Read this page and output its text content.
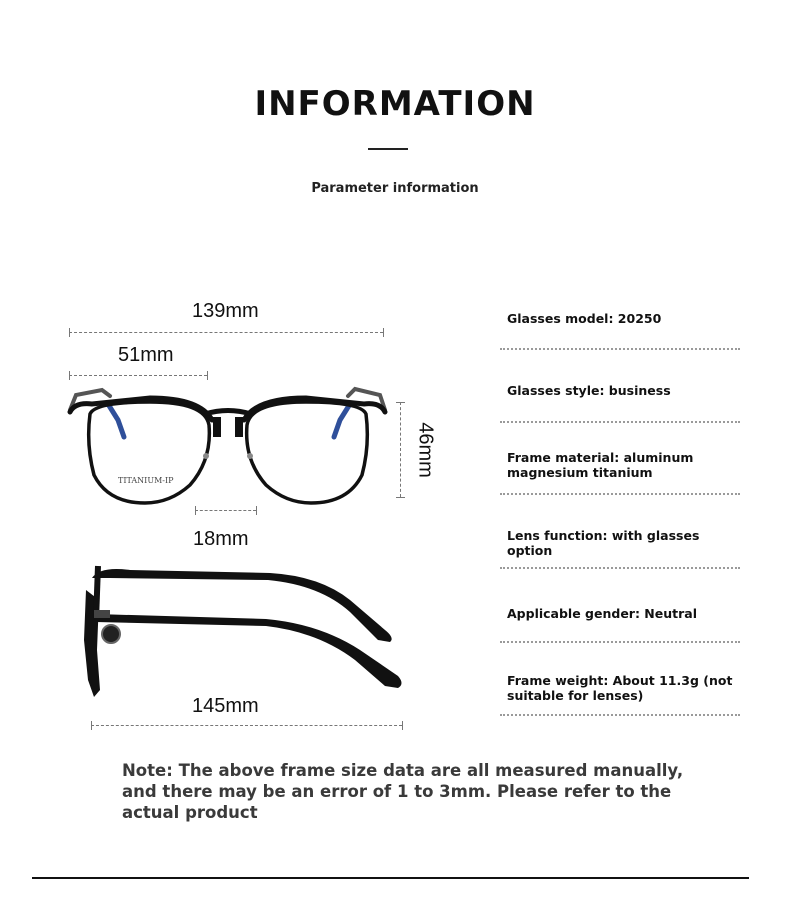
INFORMATION
Parameter information
139mm
51mm
46mm
18mm
145mm
TITANIUM-IP
Glasses model: 20250
Glasses style: business
Frame material: aluminum magnesium titanium
Lens function: with glasses option
Applicable gender: Neutral
Frame weight: About 11.3g (not suitable for lenses)
Note: The above frame size data are all measured manually, and there may be an error of 1 to 3mm. Please refer to the actual product
